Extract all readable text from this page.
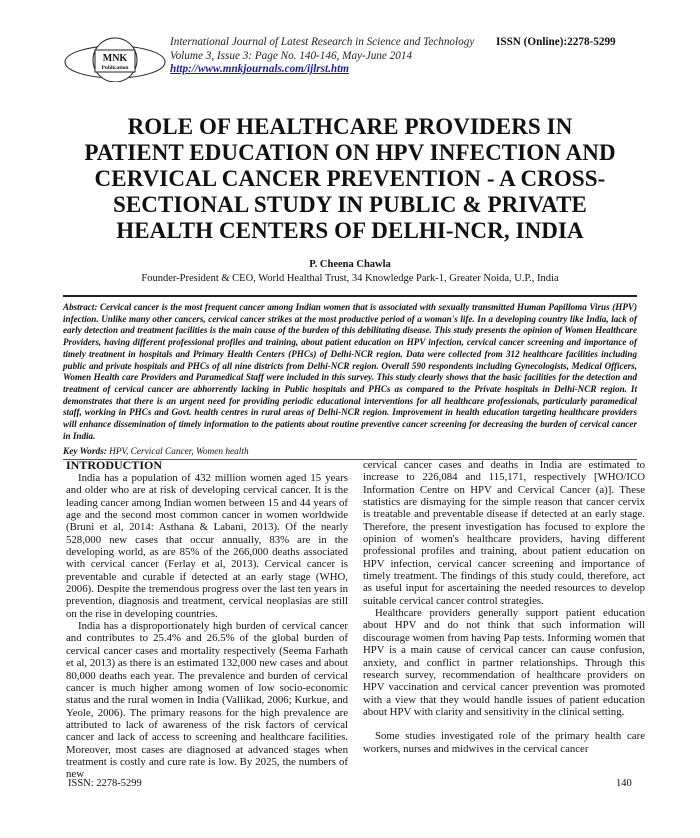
MNK
Publication
International Journal of Latest Research in Science and Technology
Volume 3, Issue 3: Page No. 140-146, May-June 2014
http://www.mnkjournals.com/ijlrst.htm
ISSN (Online):2278-5299
ROLE OF HEALTHCARE PROVIDERS IN
PATIENT EDUCATION ON HPV INFECTION AND
CERVICAL CANCER PREVENTION - A CROSS-
SECTIONAL STUDY IN PUBLIC & PRIVATE
HEALTH CENTERS OF DELHI-NCR, INDIA
P. Cheena Chawla
Founder-President & CEO, World Healthal Trust, 34 Knowledge Park-1, Greater Noida, U.P., India
Abstract: Cervical cancer is the most frequent cancer among Indian women that is associated with sexually transmitted Human Papilloma Virus (HPV) infection. Unlike many other cancers, cervical cancer strikes at the most productive period of a woman's life. In a developing country like India, lack of early detection and treatment facilities is the main cause of the burden of this debilitating disease. This study presents the opinion of Women Healthcare Providers, having different professional profiles and training, about patient education on HPV infection, cervical cancer screening and importance of timely treatment in hospitals and Primary Health Centers (PHCs) of Delhi-NCR region. Data were collected from 312 healthcare facilities including public and private hospitals and PHCs of all nine districts from Delhi-NCR region. Overall 590 respondents including Gynecologists, Medical Officers, Women Health care Providers and Paramedical Staff were included in this survey. This study clearly shows that the basic facilities for the detection and treatment of cervical cancer are abhorrently lacking in Public hospitals and PHCs as compared to the Private hospitals in Delhi-NCR region. It demonstrates that there is an urgent need for providing periodic educational interventions for all healthcare professionals, particularly paramedical staff, working in PHCs and Govt. health centres in rural areas of Delhi-NCR region. Improvement in health education targeting healthcare providers will enhance dissemination of timely information to the patients about routine preventive cancer screening for decreasing the burden of cervical cancer in India.
Key Words: HPV, Cervical Cancer, Women health
INTRODUCTION

India has a population of 432 million women aged 15 years and older who are at risk of developing cervical cancer. It is the leading cancer among Indian women between 15 and 44 years of age and the second most common cancer in women worldwide (Bruni et al, 2014: Asthana & Labani, 2013). Of the nearly 528,000 new cases that occur annually, 83% are in the developing world, as are 85% of the 266,000 deaths associated with cervical cancer (Ferlay et al, 2013). Cervical cancer is preventable and curable if detected at an early stage (WHO, 2006). Despite the tremendous progress over the last ten years in prevention, diagnosis and treatment, cervical neoplasias are still on the rise in developing countries.

India has a disproportionately high burden of cervical cancer and contributes to 25.4% and 26.5% of the global burden of cervical cancer cases and mortality respectively (Seema Farhath et al, 2013) as there is an estimated 132,000 new cases and about 80,000 deaths each year. The prevalence and burden of cervical cancer is much higher among women of low socio-economic status and the rural women in India (Vallikad, 2006; Kurkue, and Yeole, 2006). The primary reasons for the high prevalence are attributed to lack of awareness of the risk factors of cervical cancer and lack of access to screening and healthcare facilities. Moreover, most cases are diagnosed at advanced stages when treatment is costly and cure rate is low. By 2025, the numbers of new

cervical cancer cases and deaths in India are estimated to increase to 226,084 and 115,171, respectively [WHO/ICO Information Centre on HPV and Cervical Cancer (a)]. These statistics are dismaying for the simple reason that cancer cervix is treatable and preventable disease if detected at an early stage. Therefore, the present investigation has focused to explore the opinion of women's healthcare providers, having different professional profiles and training, about patient education on HPV infection, cervical cancer screening and importance of timely treatment. The findings of this study could, therefore, act as useful input for ascertaining the needed resources to develop suitable cervical cancer control strategies.

Healthcare providers generally support patient education about HPV and do not think that such information will discourage women from having Pap tests. Informing women that HPV is a main cause of cervical cancer can cause confusion, anxiety, and conflict in partner relationships. Through this research survey, recommendation of healthcare providers on HPV vaccination and cervical cancer prevention was promoted with a view that they would handle issues of patient education about HPV with clarity and sensitivity in the clinical setting.

Some studies investigated role of the primary health care workers, nurses and midwives in the cervical cancer

ISSN: 2278-5299	140
